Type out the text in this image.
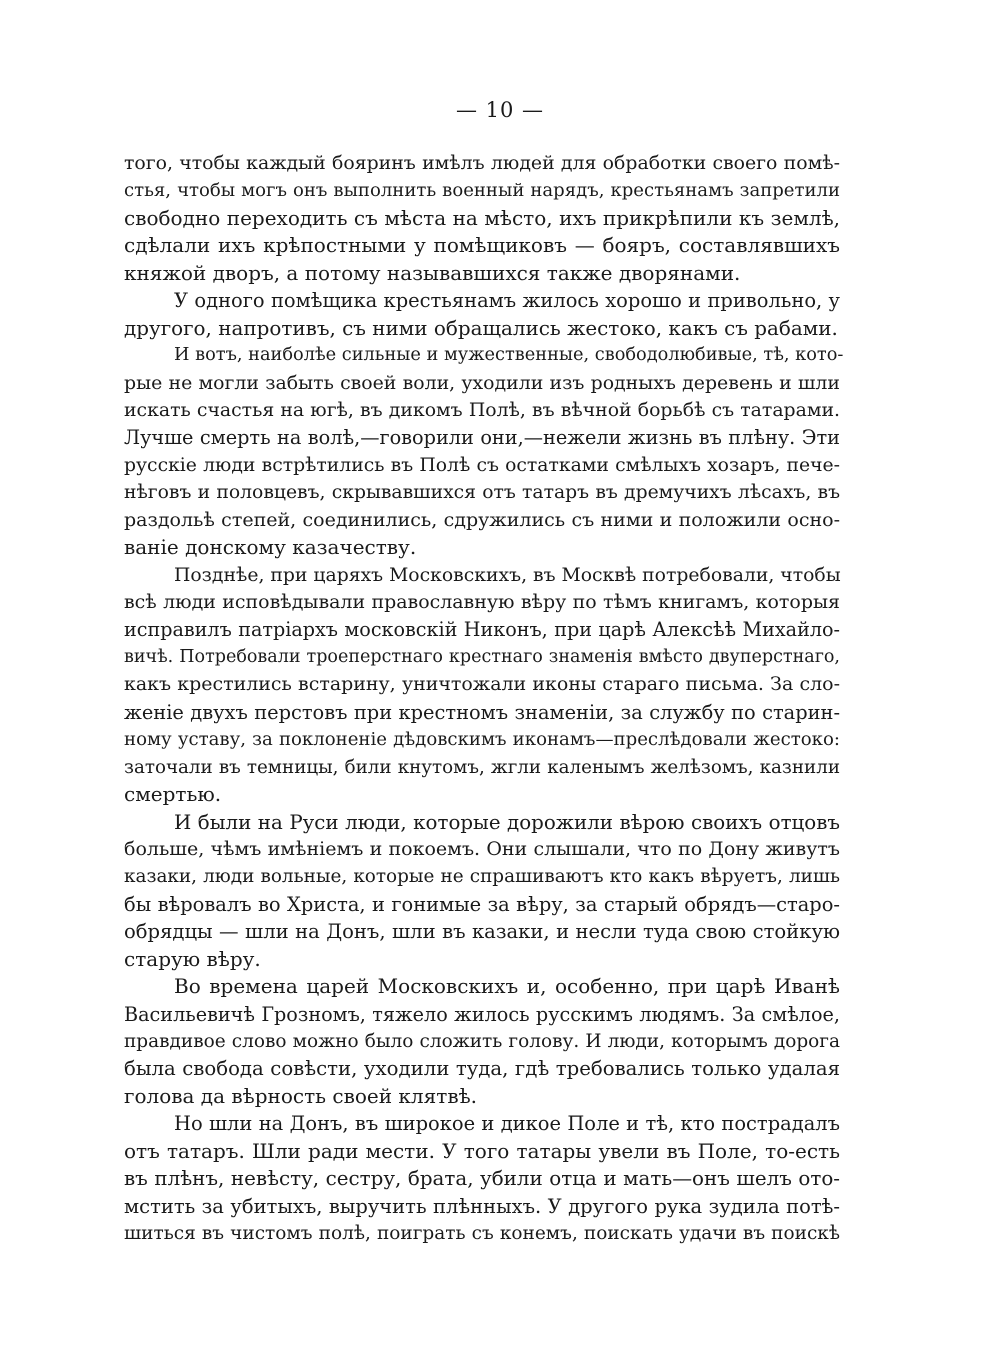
— 10 —
того, чтобы каждый бояринъ имѣлъ людей для обработки своего помѣ-
стья, чтобы могъ онъ выполнить военный нарядъ, крестьянамъ запретили
свободно переходить съ мѣста на мѣсто, ихъ прикрѣпили къ землѣ,
сдѣлали ихъ крѣпостными у помѣщиковъ — бояръ, составлявшихъ
княжой дворъ, а потому называвшихся также дворянами.
У одного помѣщика крестьянамъ жилось хорошо и привольно, у
другого, напротивъ, съ ними обращались жестоко, какъ съ рабами.
И вотъ, наиболѣе сильные и мужественные, свободолюбивые, тѣ, кото-
рые не могли забыть своей воли, уходили изъ родныхъ деревень и шли
искать счастья на югѣ, въ дикомъ Полѣ, въ вѣчной борьбѣ съ татарами.
Лучше смерть на волѣ,—говорили они,—нежели жизнь въ плѣну. Эти
русскіе люди встрѣтились въ Полѣ съ остатками смѣлыхъ хозаръ, пече-
нѣговъ и половцевъ, скрывавшихся отъ татаръ въ дремучихъ лѣсахъ, въ
раздольѣ степей, соединились, сдружились съ ними и положили осно-
ваніе донскому казачеству.
Позднѣе, при царяхъ Московскихъ, въ Москвѣ потребовали, чтобы
всѣ люди исповѣдывали православную вѣру по тѣмъ книгамъ, которыя
исправилъ патріархъ московскій Никонъ, при царѣ Алексѣѣ Михайло-
вичѣ. Потребовали троеперстнаго крестнаго знаменія вмѣсто двуперстнаго,
какъ крестились встарину, уничтожали иконы стараго письма. За сло-
женіе двухъ перстовъ при крестномъ знаменіи, за службу по старин-
ному уставу, за поклоненіе дѣдовскимъ иконамъ—преслѣдовали жестоко:
заточали въ темницы, били кнутомъ, жгли каленымъ желѣзомъ, казнили
смертью.
И были на Руси люди, которые дорожили вѣрою своихъ отцовъ
больше, чѣмъ имѣніемъ и покоемъ. Они слышали, что по Дону живутъ
казаки, люди вольные, которые не спрашиваютъ кто какъ вѣруетъ, лишь
бы вѣровалъ во Христа, и гонимые за вѣру, за старый обрядъ—старо-
обрядцы — шли на Донъ, шли въ казаки, и несли туда свою стойкую
старую вѣру.
Во времена царей Московскихъ и, особенно, при царѣ Иванѣ
Васильевичѣ Грозномъ, тяжело жилось русскимъ людямъ. За смѣлое,
правдивое слово можно было сложить голову. И люди, которымъ дорога
была свобода совѣсти, уходили туда, гдѣ требовались только удалая
голова да вѣрность своей клятвѣ.
Но шли на Донъ, въ широкое и дикое Поле и тѣ, кто пострадалъ
отъ татаръ. Шли ради мести. У того татары увели въ Поле, то-есть
въ плѣнъ, невѣсту, сестру, брата, убили отца и мать—онъ шелъ ото-
мстить за убитыхъ, выручить плѣнныхъ. У другого рука зудила потѣ-
шиться въ чистомъ полѣ, поиграть съ конемъ, поискать удачи въ поискѣ
